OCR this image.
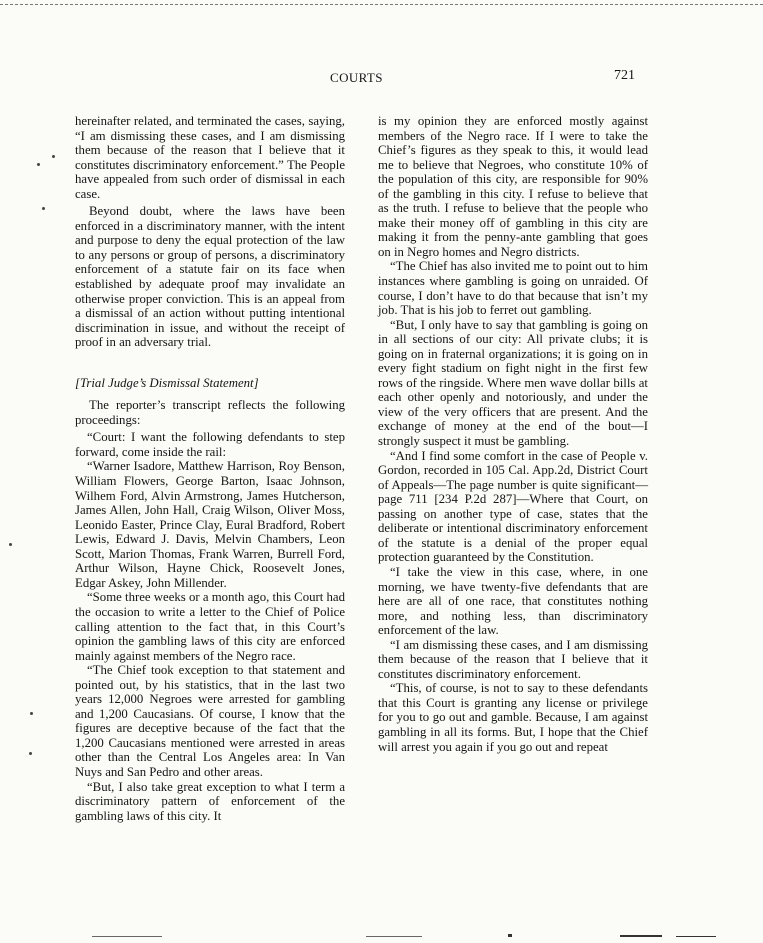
COURTS	721

hereinafter related, and terminated the cases, saying, “I am dismissing these cases, and I am dismissing them because of the reason that I believe that it constitutes discriminatory enforcement.” The People have appealed from such order of dismissal in each case.

Beyond doubt, where the laws have been enforced in a discriminatory manner, with the intent and purpose to deny the equal protection of the law to any persons or group of persons, a discriminatory enforcement of a statute fair on its face when established by adequate proof may invalidate an otherwise proper conviction. This is an appeal from a dismissal of an action without putting intentional discrimination in issue, and without the receipt of proof in an adversary trial.

[Trial Judge’s Dismissal Statement]

The reporter’s transcript reflects the following proceedings:

“Court: I want the following defendants to step forward, come inside the rail:

“Warner Isadore, Matthew Harrison, Roy Benson, William Flowers, George Barton, Isaac Johnson, Wilhem Ford, Alvin Armstrong, James Hutcherson, James Allen, John Hall, Craig Wilson, Oliver Moss, Leonido Easter, Prince Clay, Eural Bradford, Robert Lewis, Edward J. Davis, Melvin Chambers, Leon Scott, Marion Thomas, Frank Warren, Burrell Ford, Arthur Wilson, Hayne Chick, Roosevelt Jones, Edgar Askey, John Millender.

“Some three weeks or a month ago, this Court had the occasion to write a letter to the Chief of Police calling attention to the fact that, in this Court’s opinion the gambling laws of this city are enforced mainly against members of the Negro race.

“The Chief took exception to that statement and pointed out, by his statistics, that in the last two years 12,000 Negroes were arrested for gambling and 1,200 Caucasians. Of course, I know that the figures are deceptive because of the fact that the 1,200 Caucasians mentioned were arrested in areas other than the Central Los Angeles area: In Van Nuys and San Pedro and other areas.

“But, I also take great exception to what I term a discriminatory pattern of enforcement of the gambling laws of this city. It

is my opinion they are enforced mostly against members of the Negro race. If I were to take the Chief’s figures as they speak to this, it would lead me to believe that Negroes, who constitute 10% of the population of this city, are responsible for 90% of the gambling in this city. I refuse to believe that as the truth. I refuse to believe that the people who make their money off of gambling in this city are making it from the penny-ante gambling that goes on in Negro homes and Negro districts.

“The Chief has also invited me to point out to him instances where gambling is going on unraided. Of course, I don’t have to do that because that isn’t my job. That is his job to ferret out gambling.

“But, I only have to say that gambling is going on in all sections of our city: All private clubs; it is going on in fraternal organizations; it is going on in every fight stadium on fight night in the first few rows of the ringside. Where men wave dollar bills at each other openly and notoriously, and under the view of the very officers that are present. And the exchange of money at the end of the bout—I strongly suspect it must be gambling.

“And I find some comfort in the case of People v. Gordon, recorded in 105 Cal. App.2d, District Court of Appeals—The page number is quite significant—page 711 [234 P.2d 287]—Where that Court, on passing on another type of case, states that the deliberate or intentional discriminatory enforcement of the statute is a denial of the proper equal protection guaranteed by the Constitution.

“I take the view in this case, where, in one morning, we have twenty-five defendants that are here are all of one race, that constitutes nothing more, and nothing less, than discriminatory enforcement of the law.

“I am dismissing these cases, and I am dismissing them because of the reason that I believe that it constitutes discriminatory enforcement.

“This, of course, is not to say to these defendants that this Court is granting any license or privilege for you to go out and gamble. Because, I am against gambling in all its forms. But, I hope that the Chief will arrest you again if you go out and repeat
